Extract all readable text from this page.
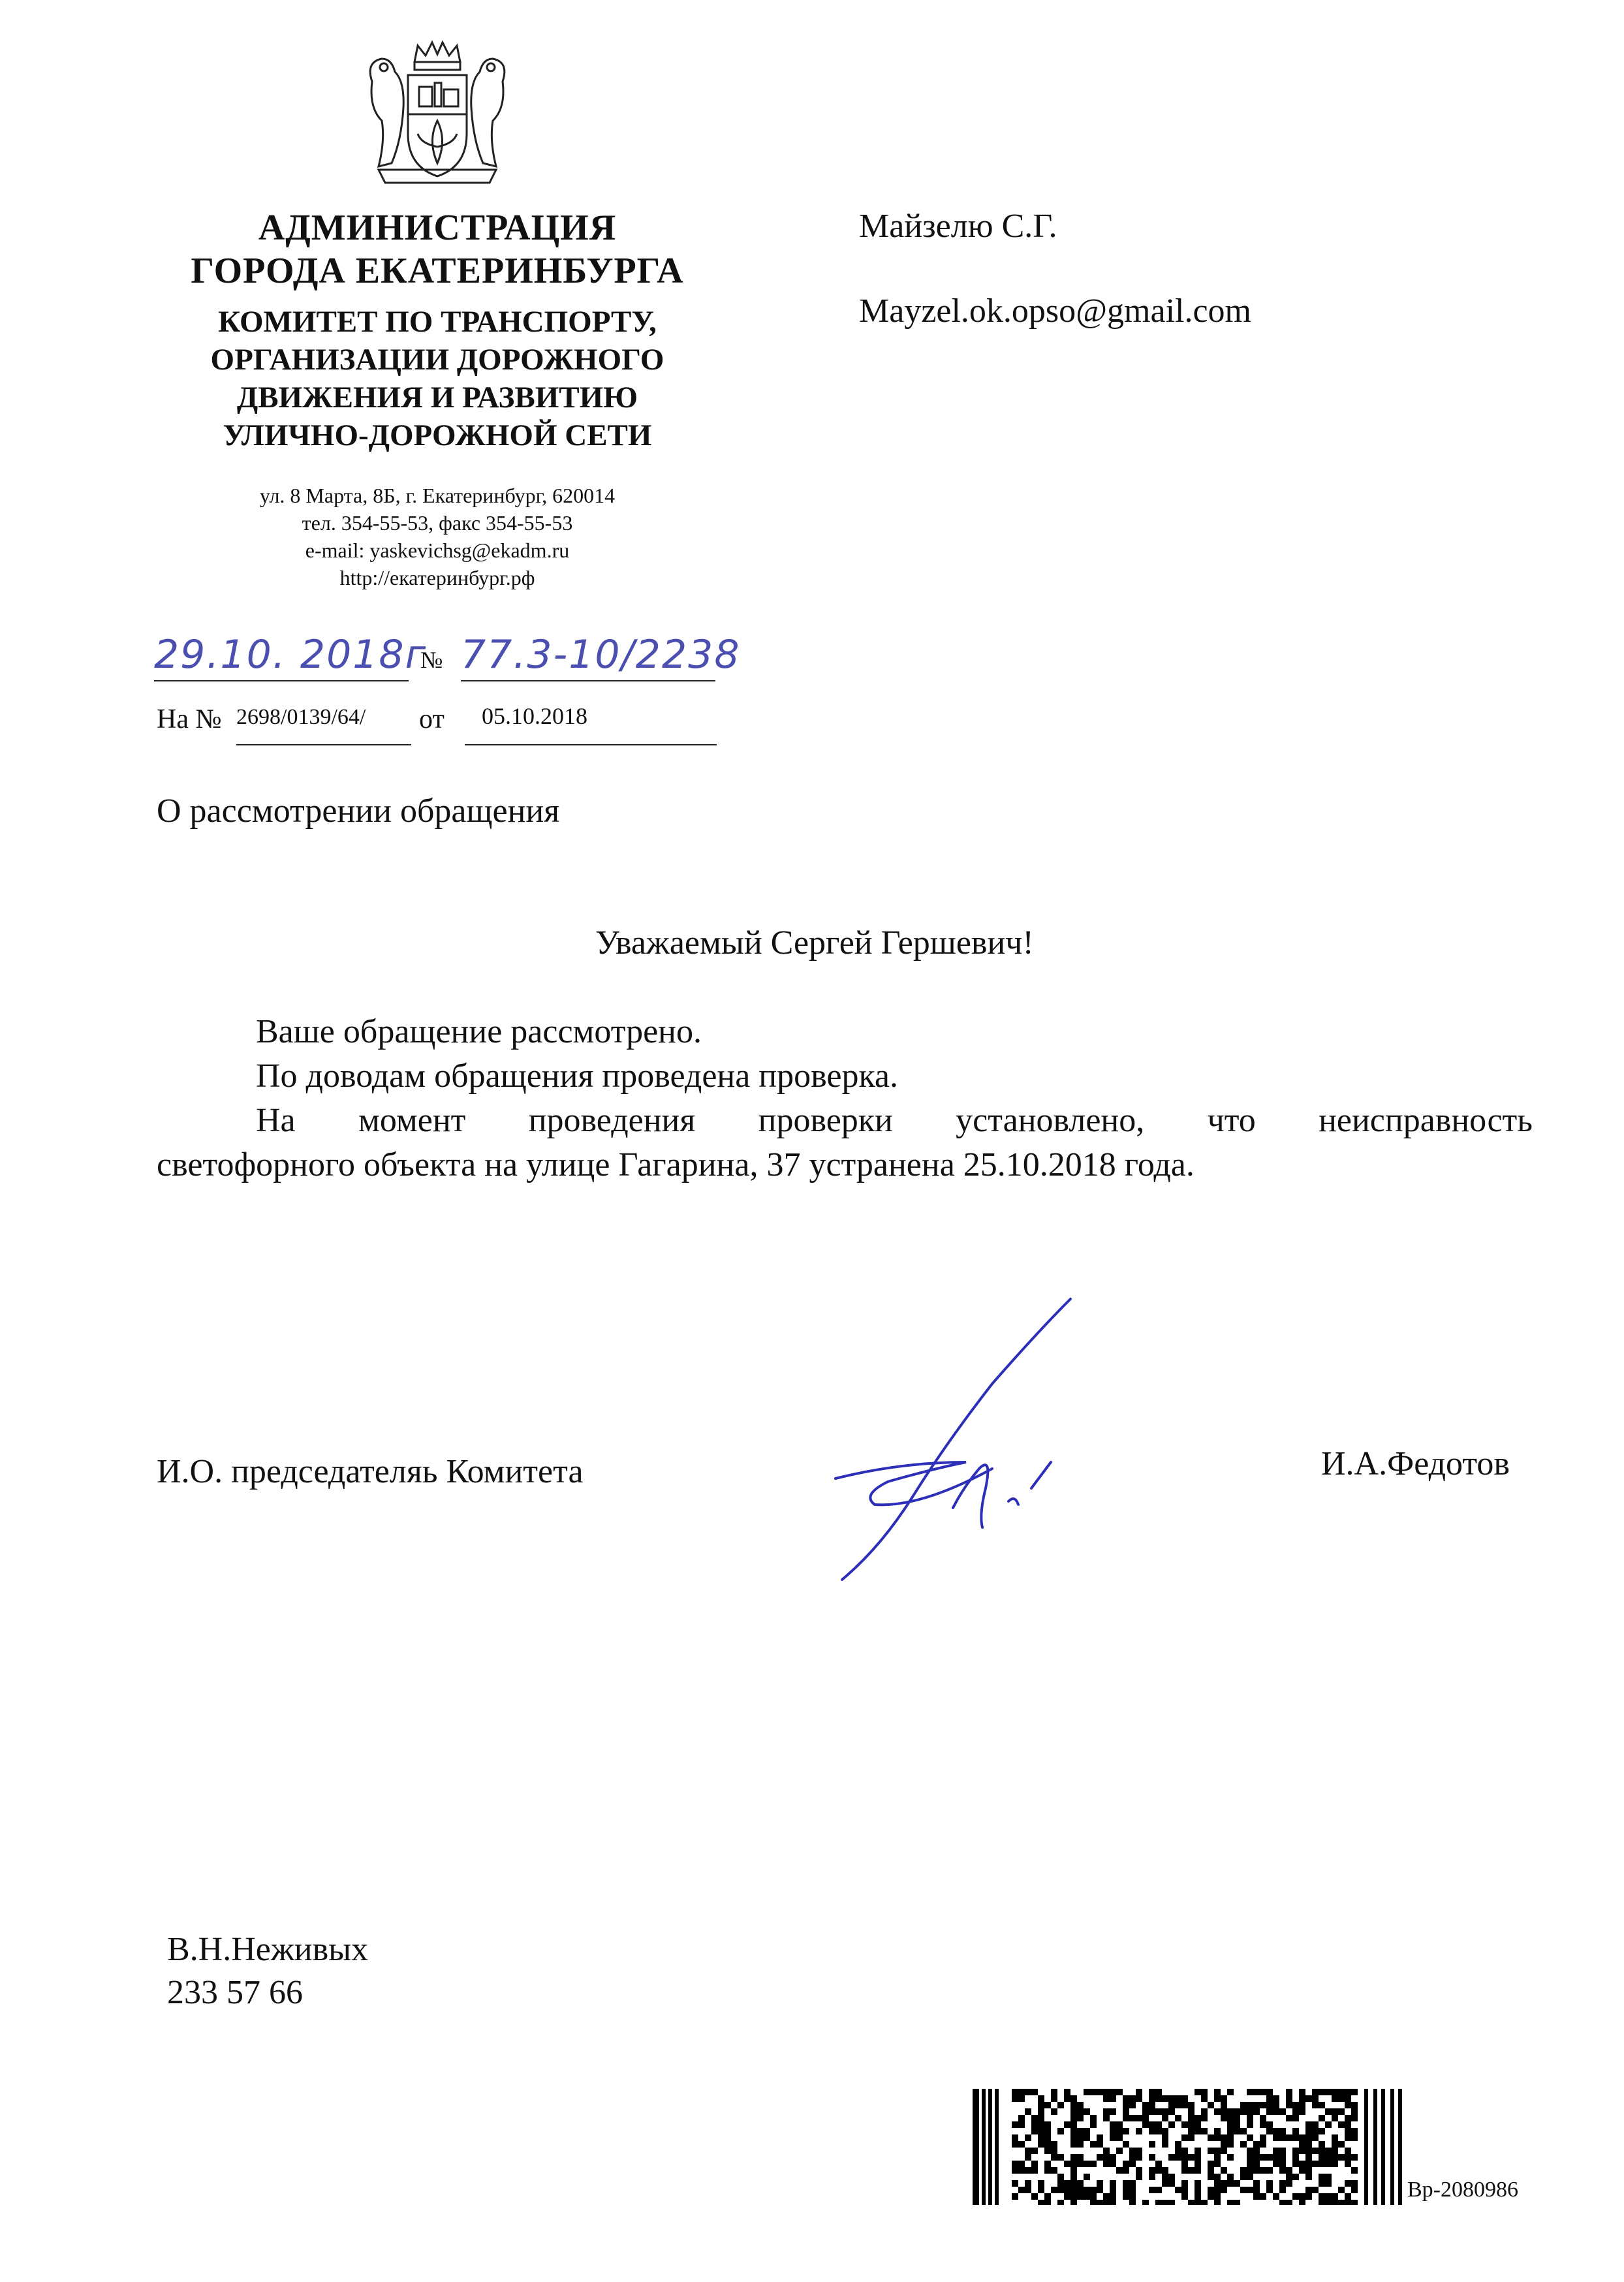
АДМИНИСТРАЦИЯ
ГОРОДА ЕКАТЕРИНБУРГА
КОМИТЕТ ПО ТРАНСПОРТУ,
ОРГАНИЗАЦИИ ДОРОЖНОГО
ДВИЖЕНИЯ И РАЗВИТИЮ
УЛИЧНО-ДОРОЖНОЙ СЕТИ
ул. 8 Марта, 8Б, г. Екатеринбург, 620014
тел. 354-55-53, факс 354-55-53
e-mail: yaskevichsg@ekadm.ru
http://екатеринбург.рф
Майзелю С.Г.
Mayzel.ok.opso@gmail.com
29.10. 2018г
№ 77.3-10/2238
На № 2698/0139/64/	от 05.10.2018
О рассмотрении обращения
Уважаемый Сергей Гершевич!
Ваше обращение рассмотрено.
По доводам обращения проведена проверка.
На момент проведения проверки установлено, что неисправность
светофорного объекта на улице Гагарина, 37 устранена 25.10.2018 года.
И.О. председателяь Комитета	И.А.Федотов
В.Н.Неживых
233 57 66
Вр-2080986
